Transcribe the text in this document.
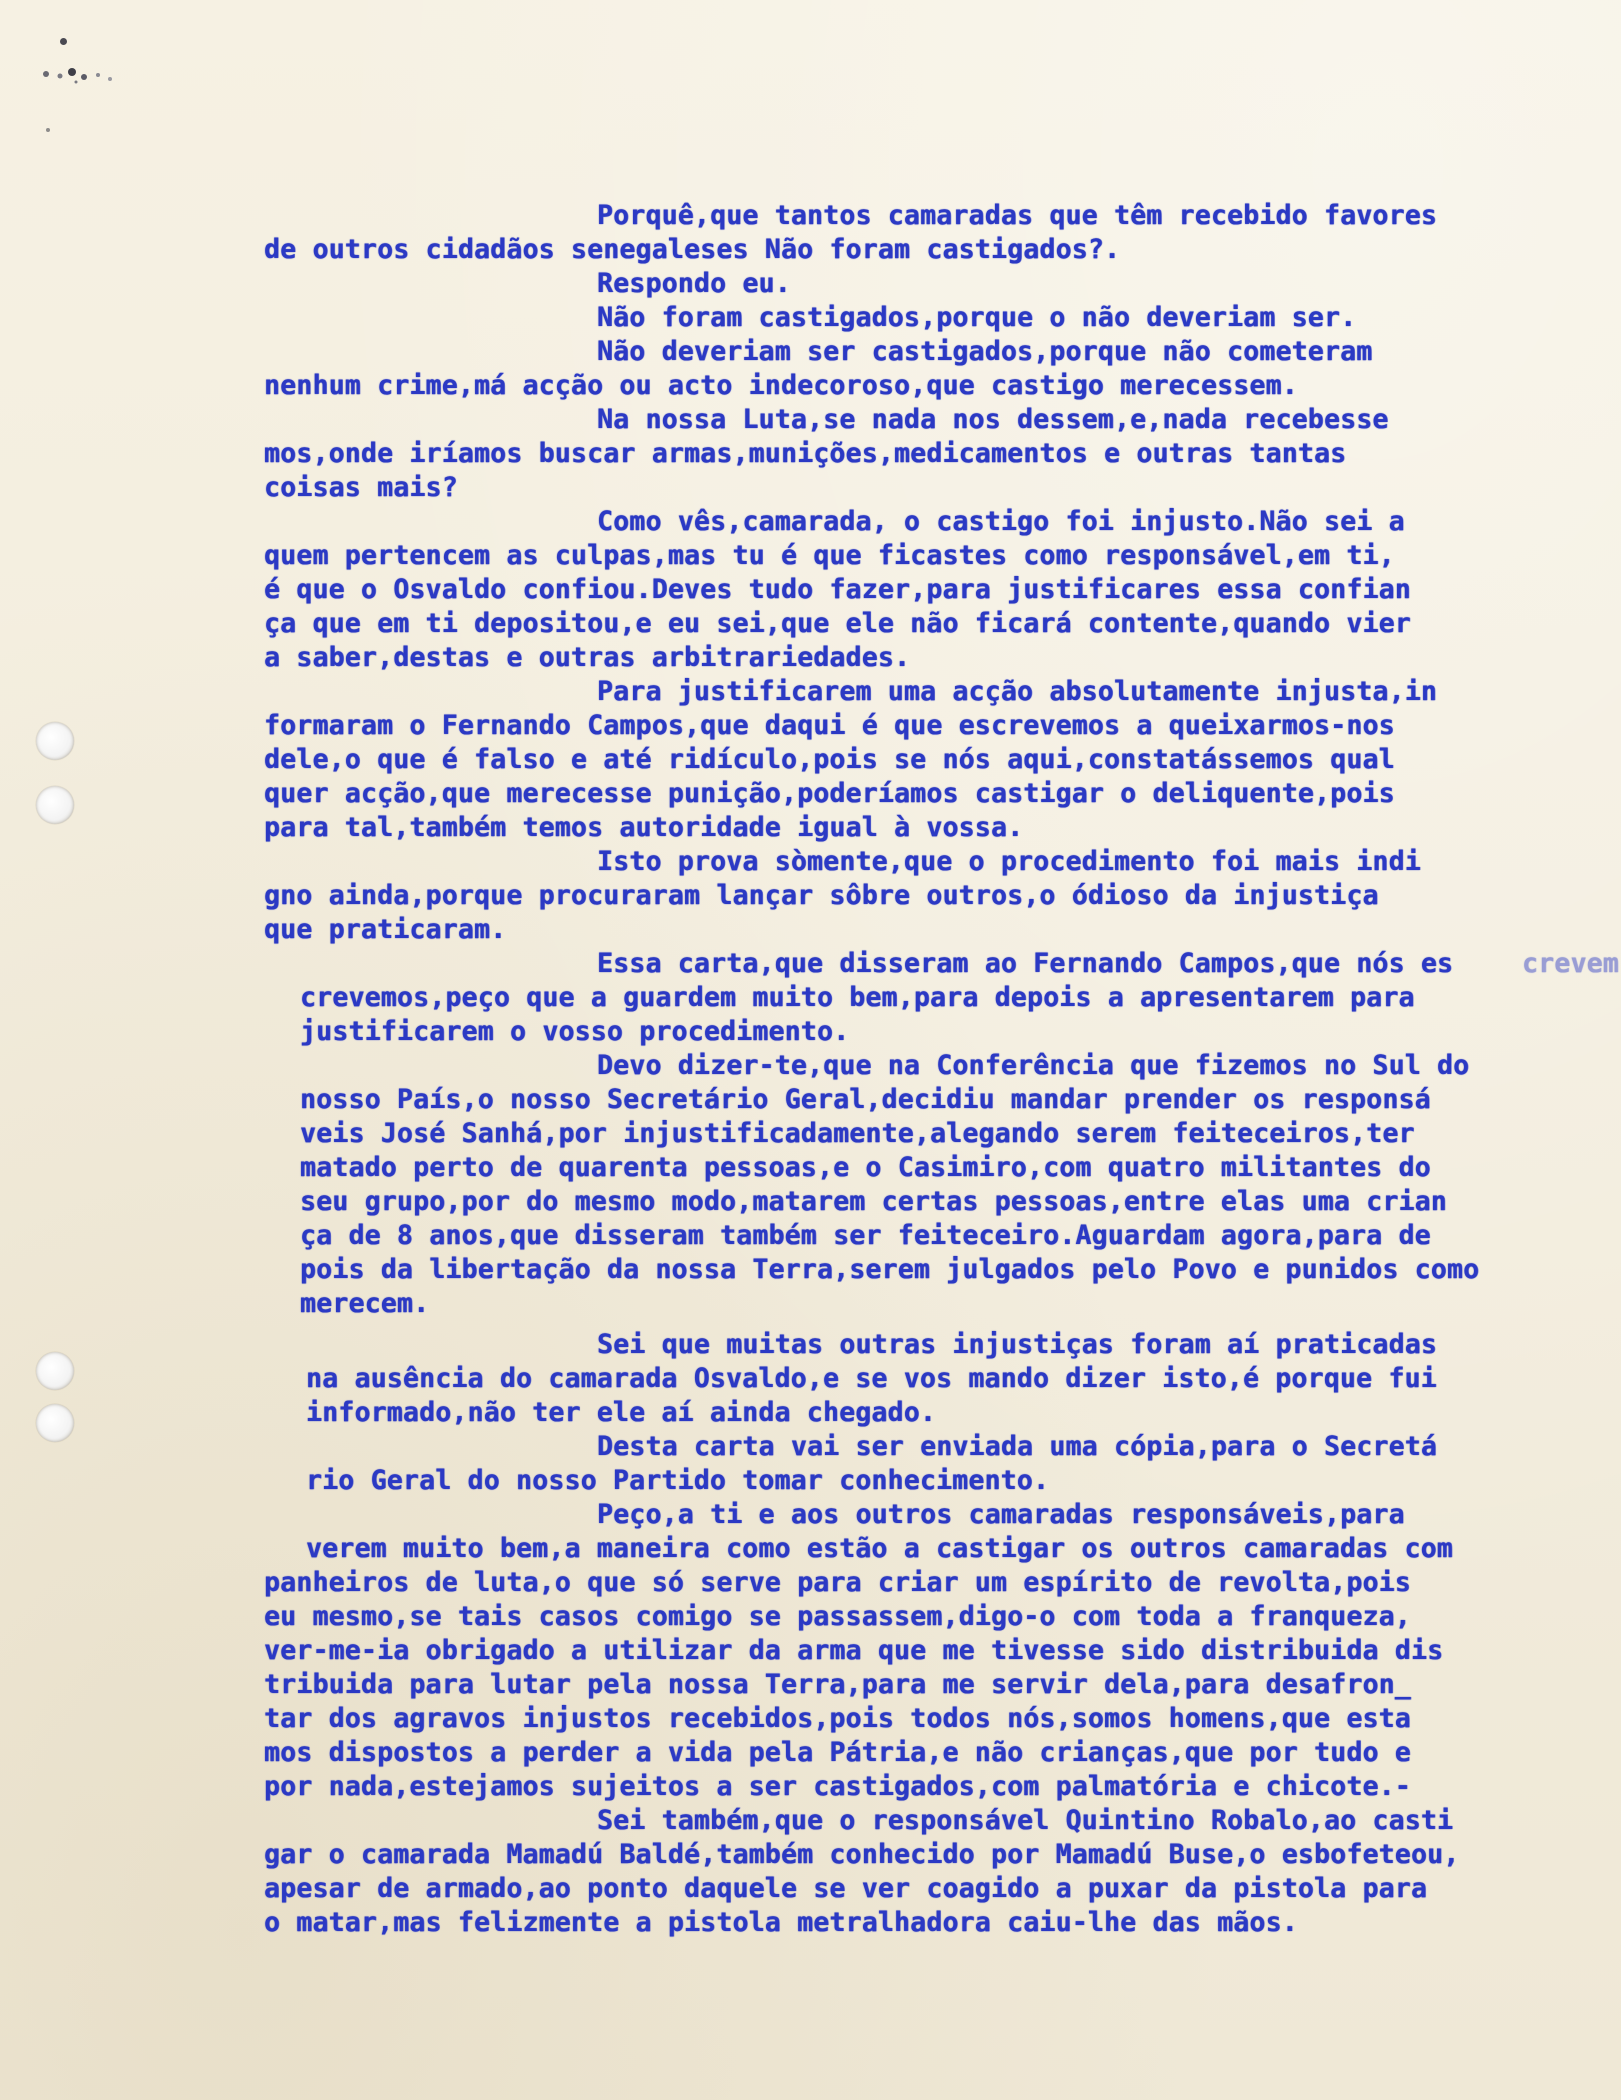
Porquê,que tantos camaradas que têm recebido favores
de outros cidadãos senegaleses Não foram castigados?.
Respondo eu.
Não foram castigados,porque o não deveriam ser.
Não deveriam ser castigados,porque não cometeram
nenhum crime,má acção ou acto indecoroso,que castigo merecessem.
Na nossa Luta,se nada nos dessem,e,nada recebesse
mos,onde iríamos buscar armas,munições,medicamentos e outras tantas
coisas mais?
Como vês,camarada, o castigo foi injusto.Não sei a
quem pertencem as culpas,mas tu é que ficastes como responsável,em ti,
é que o Osvaldo confiou.Deves tudo fazer,para justificares essa confian
ça que em ti depositou,e eu sei,que ele não ficará contente,quando vier
a saber,destas e outras arbitrariedades.
Para justificarem uma acção absolutamente injusta,in
formaram o Fernando Campos,que daqui é que escrevemos a queixarmos-nos
dele,o que é falso e até ridículo,pois se nós aqui,constatássemos qual
quer acção,que merecesse punição,poderíamos castigar o deliquente,pois
para tal,também temos autoridade igual à vossa.
Isto prova sòmente,que o procedimento foi mais indi
gno ainda,porque procuraram lançar sôbre outros,o ódioso da injustiça
que praticaram.
Essa carta,que disseram ao Fernando Campos,que nós es	crevem
crevemos,peço que a guardem muito bem,para depois a apresentarem para
justificarem o vosso procedimento.
Devo dizer-te,que na Conferência que fizemos no Sul do
nosso País,o nosso Secretário Geral,decidiu mandar prender os responsá
veis José Sanhá,por injustificadamente,alegando serem feiteceiros,ter
matado perto de quarenta pessoas,e o Casimiro,com quatro militantes do
seu grupo,por do mesmo modo,matarem certas pessoas,entre elas uma crian
ça de 8 anos,que disseram também ser feiteceiro.Aguardam agora,para de
pois da libertação da nossa Terra,serem julgados pelo Povo e punidos como
merecem.
Sei que muitas outras injustiças foram aí praticadas
na ausência do camarada Osvaldo,e se vos mando dizer isto,é porque fui
informado,não ter ele aí ainda chegado.
Desta carta vai ser enviada uma cópia,para o Secretá
rio Geral do nosso Partido tomar conhecimento.
Peço,a ti e aos outros camaradas responsáveis,para
verem muito bem,a maneira como estão a castigar os outros camaradas com
panheiros de luta,o que só serve para criar um espírito de revolta,pois
eu mesmo,se tais casos comigo se passassem,digo-o com toda a franqueza,
ver-me-ia obrigado a utilizar da arma que me tivesse sido distribuida dis
tribuida para lutar pela nossa Terra,para me servir dela,para desafron_
tar dos agravos injustos recebidos,pois todos nós,somos homens,que esta
mos dispostos a perder a vida pela Pátria,e não crianças,que por tudo e
por nada,estejamos sujeitos a ser castigados,com palmatória e chicote.-
Sei também,que o responsável Quintino Robalo,ao casti
gar o camarada Mamadú Baldé,também conhecido por Mamadú Buse,o esbofeteou,
apesar de armado,ao ponto daquele se ver coagido a puxar da pistola para
o matar,mas felizmente a pistola metralhadora caiu-lhe das mãos.
